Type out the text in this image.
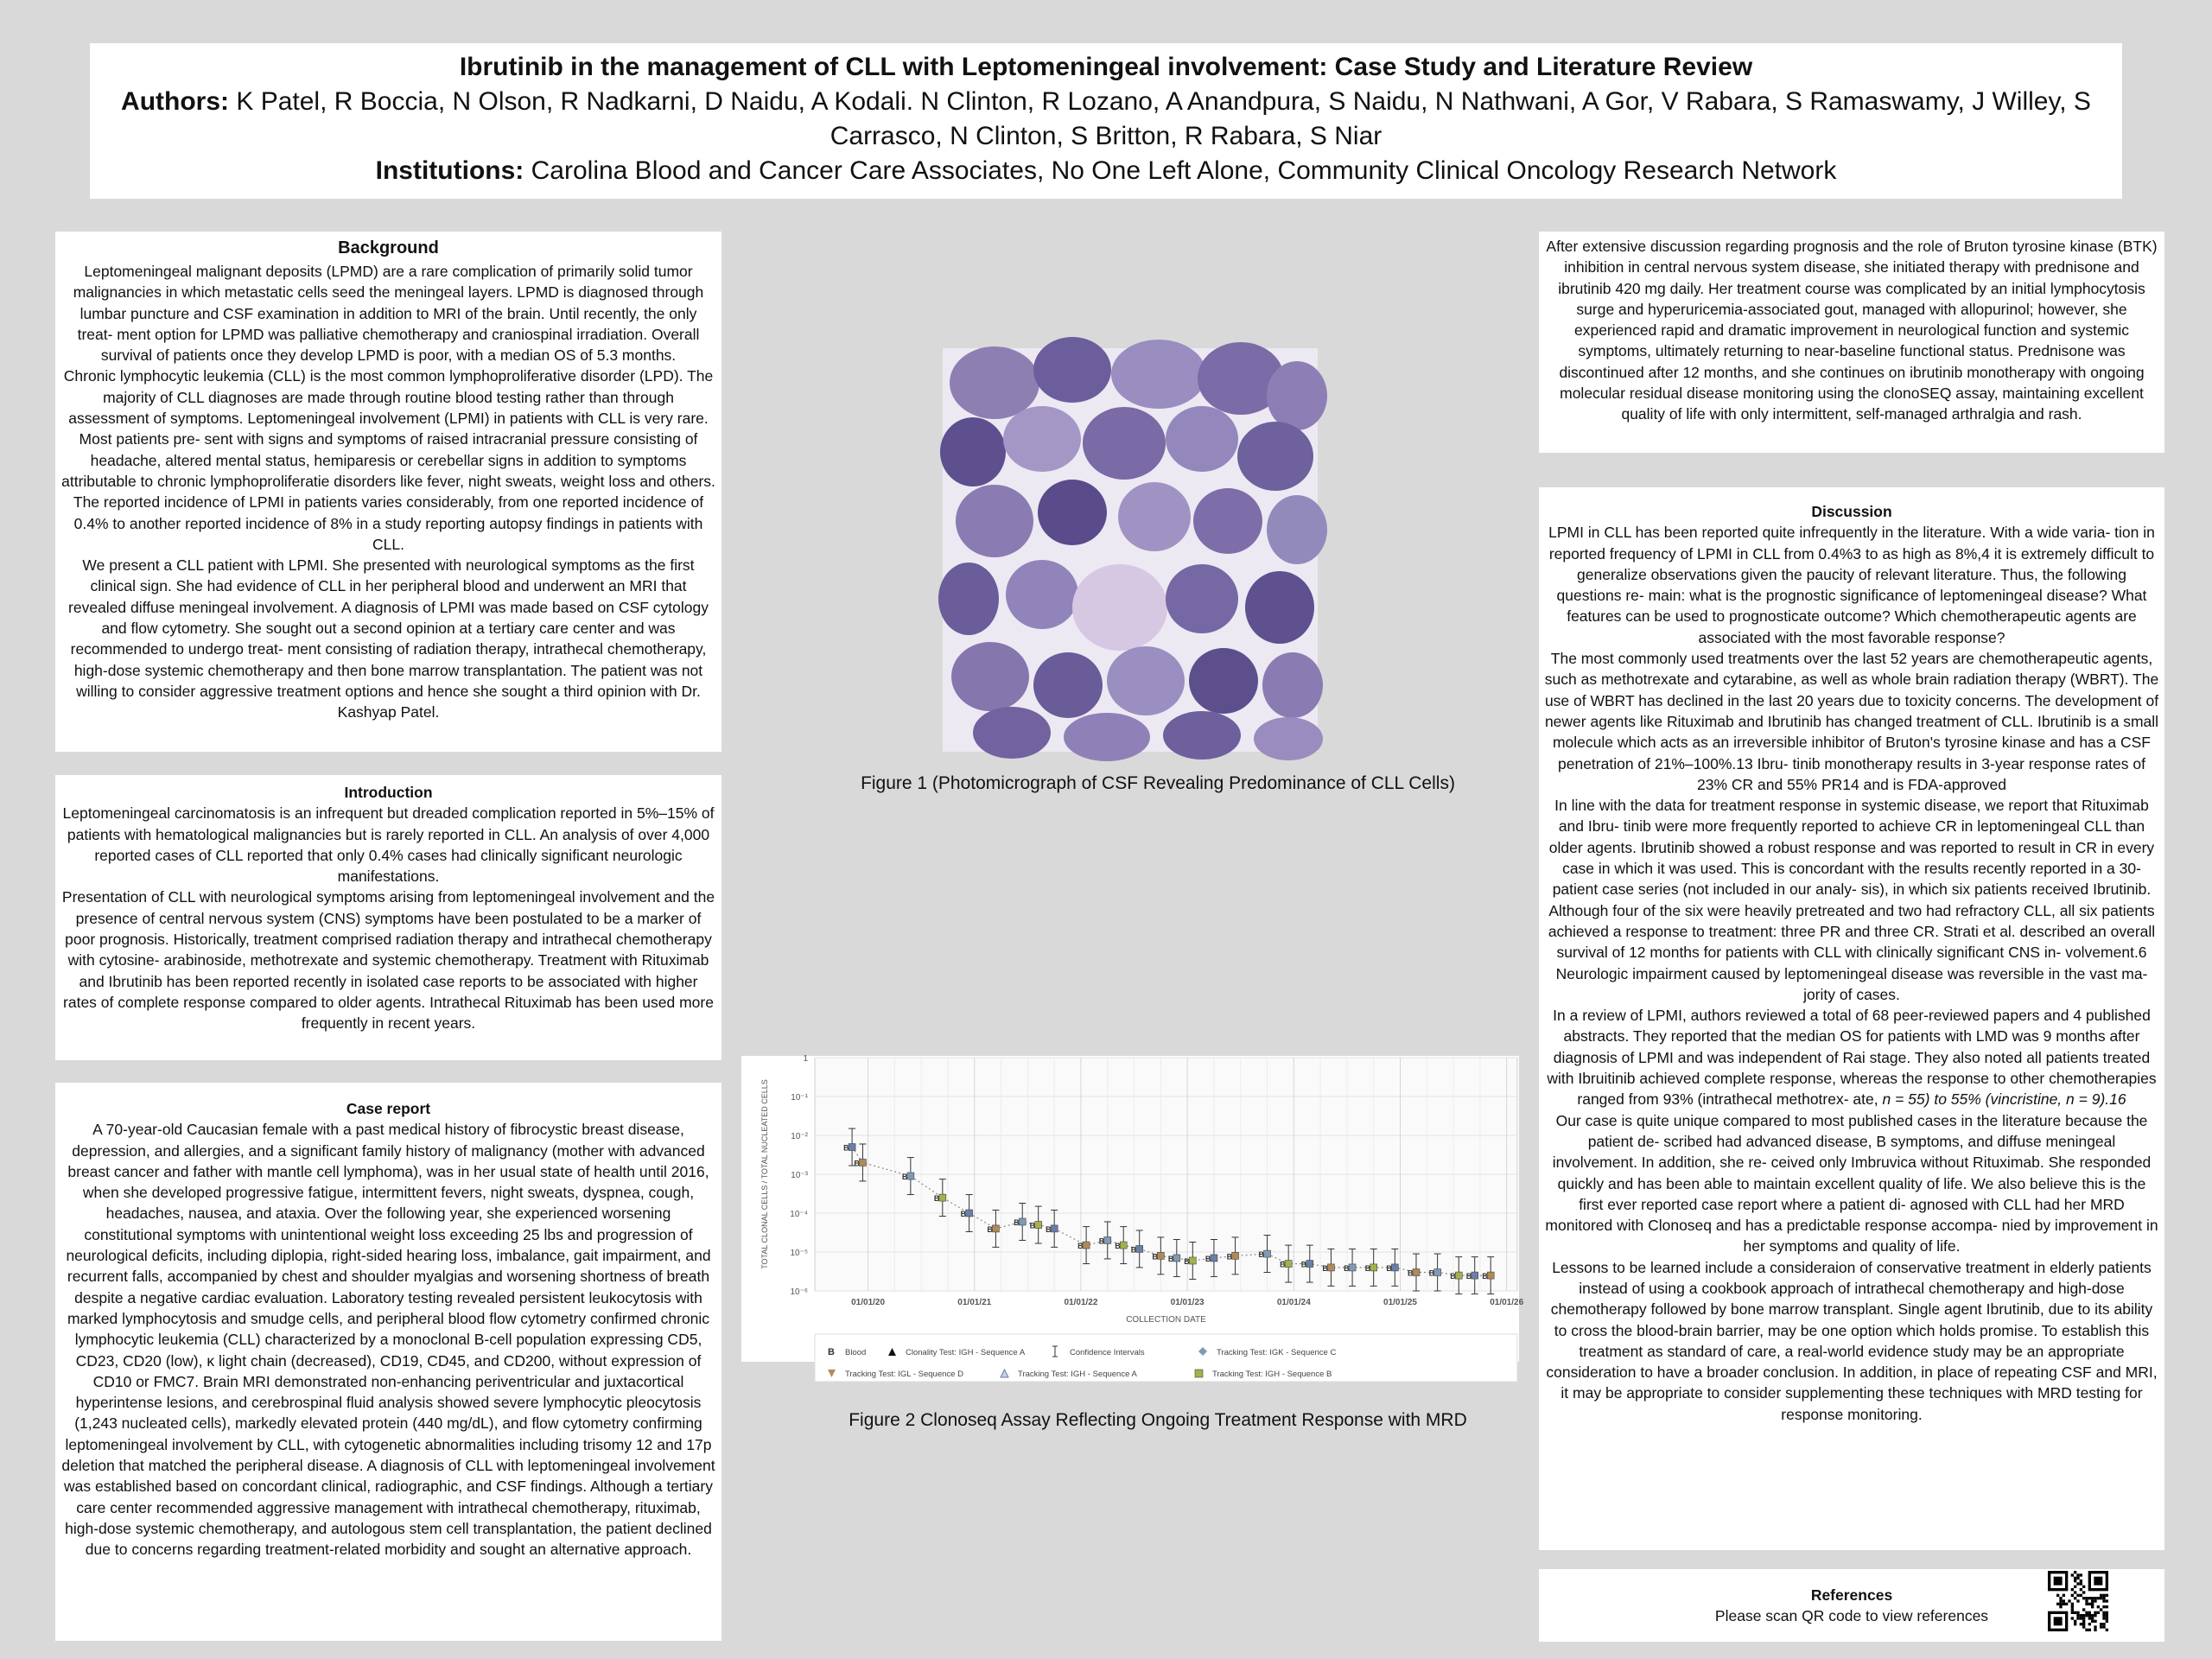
Ibrutinib in the management of CLL with Leptomeningeal involvement: Case Study and Literature Review
Authors: K Patel, R Boccia, N Olson, R Nadkarni, D Naidu, A Kodali. N Clinton, R Lozano, A Anandpura, S Naidu, N Nathwani, A Gor, V Rabara, S Ramaswamy, J Willey, S Carrasco, N Clinton, S Britton, R Rabara, S Niar
Institutions: Carolina Blood and Cancer Care Associates, No One Left Alone, Community Clinical Oncology Research Network
Background

Leptomeningeal malignant deposits (LPMD) are a rare complication of primarily solid tumor malignancies in which metastatic cells seed the meningeal layers. LPMD is diagnosed through lumbar puncture and CSF examination in addition to MRI of the brain. Until recently, the only treat- ment option for LPMD was palliative chemotherapy and craniospinal irradiation. Overall survival of patients once they develop LPMD is poor, with a median OS of 5.3 months.

Chronic lymphocytic leukemia (CLL) is the most common lymphoproliferative disorder (LPD). The majority of CLL diagnoses are made through routine blood testing rather than through assessment of symptoms. Leptomeningeal involvement (LPMI) in patients with CLL is very rare. Most patients pre- sent with signs and symptoms of raised intracranial pressure consisting of headache, altered mental status, hemiparesis or cerebellar signs in addition to symptoms attributable to chronic lymphoproliferatie disorders like fever, night sweats, weight loss and others. The reported incidence of LPMI in patients varies considerably, from one reported incidence of 0.4% to another reported incidence of 8% in a study reporting autopsy findings in patients with CLL.

We present a CLL patient with LPMI. She presented with neurological symptoms as the first clinical sign. She had evidence of CLL in her peripheral blood and underwent an MRI that revealed diffuse meningeal involvement. A diagnosis of LPMI was made based on CSF cytology and flow cytometry. She sought out a second opinion at a tertiary care center and was recommended to undergo treat- ment consisting of radiation therapy, intrathecal chemotherapy, high-dose systemic chemotherapy and then bone marrow transplantation. The patient was not willing to consider aggressive treatment options and hence she sought a third opinion with Dr. Kashyap Patel.

Introduction

Leptomeningeal carcinomatosis is an infrequent but dreaded complication reported in 5%–15% of patients with hematological malignancies but is rarely reported in CLL. An analysis of over 4,000 reported cases of CLL reported that only 0.4% cases had clinically significant neurologic manifestations.

Presentation of CLL with neurological symptoms arising from leptomeningeal involvement and the presence of central nervous system (CNS) symptoms have been postulated to be a marker of poor prognosis. Historically, treatment comprised radiation therapy and intrathecal chemotherapy with cytosine- arabinoside, methotrexate and systemic chemotherapy. Treatment with Rituximab and Ibrutinib has been reported recently in isolated case reports to be associated with higher rates of complete response compared to older agents. Intrathecal Rituximab has been used more frequently in recent years.

Case report

A 70-year-old Caucasian female with a past medical history of fibrocystic breast disease, depression, and allergies, and a significant family history of malignancy (mother with advanced breast cancer and father with mantle cell lymphoma), was in her usual state of health until 2016, when she developed progressive fatigue, intermittent fevers, night sweats, dyspnea, cough, headaches, nausea, and ataxia. Over the following year, she experienced worsening constitutional symptoms with unintentional weight loss exceeding 25 lbs and progression of neurological deficits, including diplopia, right-sided hearing loss, imbalance, gait impairment, and recurrent falls, accompanied by chest and shoulder myalgias and worsening shortness of breath despite a negative cardiac evaluation. Laboratory testing revealed persistent leukocytosis with marked lymphocytosis and smudge cells, and peripheral blood flow cytometry confirmed chronic lymphocytic leukemia (CLL) characterized by a monoclonal B-cell population expressing CD5, CD23, CD20 (low), κ light chain (decreased), CD19, CD45, and CD200, without expression of CD10 or FMC7. Brain MRI demonstrated non-enhancing periventricular and juxtacortical hyperintense lesions, and cerebrospinal fluid analysis showed severe lymphocytic pleocytosis (1,243 nucleated cells), markedly elevated protein (440 mg/dL), and flow cytometry confirming leptomeningeal involvement by CLL, with cytogenetic abnormalities including trisomy 12 and 17p deletion that matched the peripheral disease. A diagnosis of CLL with leptomeningeal involvement was established based on concordant clinical, radiographic, and CSF findings. Although a tertiary care center recommended aggressive management with intrathecal chemotherapy, rituximab, high-dose systemic chemotherapy, and autologous stem cell transplantation, the patient declined due to concerns regarding treatment-related morbidity and sought an alternative approach.

Figure 1 (Photomicrograph of CSF Revealing Predominance of CLL Cells)
1
10⁻¹
10⁻²
10⁻³
10⁻⁴
10⁻⁵
10⁻⁶
01/01/20	01/01/21	01/01/22	01/01/23	01/01/24	01/01/25	01/01/26
COLLECTION DATE
TOTAL CLONAL CELLS / TOTAL NUCLEATED CELLS	B
B
B
B
B
B
B B B
B
B
B B
B B B B B	B
B B B B B B
B B B B B
B Blood	Clonality Test: IGH - Sequence A	Confidence Intervals	Tracking Test: IGK - Sequence C
Tracking Test: IGL - Sequence D	Tracking Test: IGH - Sequence A	Tracking Test: IGH - Sequence B
Figure 2 Clonoseq Assay Reflecting Ongoing Treatment Response with MRD

After extensive discussion regarding prognosis and the role of Bruton tyrosine kinase (BTK) inhibition in central nervous system disease, she initiated therapy with prednisone and ibrutinib 420 mg daily. Her treatment course was complicated by an initial lymphocytosis surge and hyperuricemia-associated gout, managed with allopurinol; however, she experienced rapid and dramatic improvement in neurological function and systemic symptoms, ultimately returning to near-baseline functional status. Prednisone was discontinued after 12 months, and she continues on ibrutinib monotherapy with ongoing molecular residual disease monitoring using the clonoSEQ assay, maintaining excellent quality of life with only intermittent, self-managed arthralgia and rash.

Discussion

LPMI in CLL has been reported quite infrequently in the literature. With a wide varia- tion in reported frequency of LPMI in CLL from 0.4%3 to as high as 8%,4 it is extremely difficult to generalize observations given the paucity of relevant literature. Thus, the following questions re- main: what is the prognostic significance of leptomeningeal disease? What features can be used to prognosticate outcome? Which chemotherapeutic agents are associated with the most favorable response?

The most commonly used treatments over the last 52 years are chemotherapeutic agents, such as methotrexate and cytarabine, as well as whole brain radiation therapy (WBRT). The use of WBRT has declined in the last 20 years due to toxicity concerns. The development of newer agents like Rituximab and Ibrutinib has changed treatment of CLL. Ibrutinib is a small molecule which acts as an irreversible inhibitor of Bruton's tyrosine kinase and has a CSF penetration of 21%–100%.13 Ibru- tinib monotherapy results in 3-year response rates of 23% CR and 55% PR14 and is FDA-approved

In line with the data for treatment response in systemic disease, we report that Rituximab and Ibru- tinib were more frequently reported to achieve CR in leptomeningeal CLL than older agents. Ibrutinib showed a robust response and was reported to result in CR in every case in which it was used. This is concordant with the results recently reported in a 30-patient case series (not included in our analy- sis), in which six patients received Ibrutinib. Although four of the six were heavily pretreated and two had refractory CLL, all six patients achieved a response to treatment: three PR and three CR. Strati et al. described an overall survival of 12 months for patients with CLL with clinically significant CNS in- volvement.6 Neurologic impairment caused by leptomeningeal disease was reversible in the vast ma- jority of cases.

In a review of LPMI, authors reviewed a total of 68 peer-reviewed papers and 4 published abstracts. They reported that the median OS for patients with LMD was 9 months after diagnosis of LPMI and was independent of Rai stage. They also noted all patients treated with Ibruitinib achieved complete response, whereas the response to other chemotherapies ranged from 93% (intrathecal methotrex- ate, n = 55) to 55% (vincristine, n = 9).16

Our case is quite unique compared to most published cases in the literature because the patient de- scribed had advanced disease, B symptoms, and diffuse meningeal involvement. In addition, she re- ceived only Imbruvica without Rituximab. She responded quickly and has been able to maintain excellent quality of life. We also believe this is the first ever reported case report where a patient di- agnosed with CLL had her MRD monitored with Clonoseq and has a predictable response accompa- nied by improvement in her symptoms and quality of life.

Lessons to be learned include a consideraion of conservative treatment in elderly patients instead of using a cookbook approach of intrathecal chemotherapy and high-dose chemotherapy followed by bone marrow transplant. Single agent Ibrutinib, due to its ability to cross the blood-brain barrier, may be one option which holds promise. To establish this treatment as standard of care, a real-world evidence study may be an appropriate consideration to have a broader conclusion. In addition, in place of repeating CSF and MRI, it may be appropriate to consider supplementing these techniques with MRD testing for response monitoring.

References

Please scan QR code to view references
